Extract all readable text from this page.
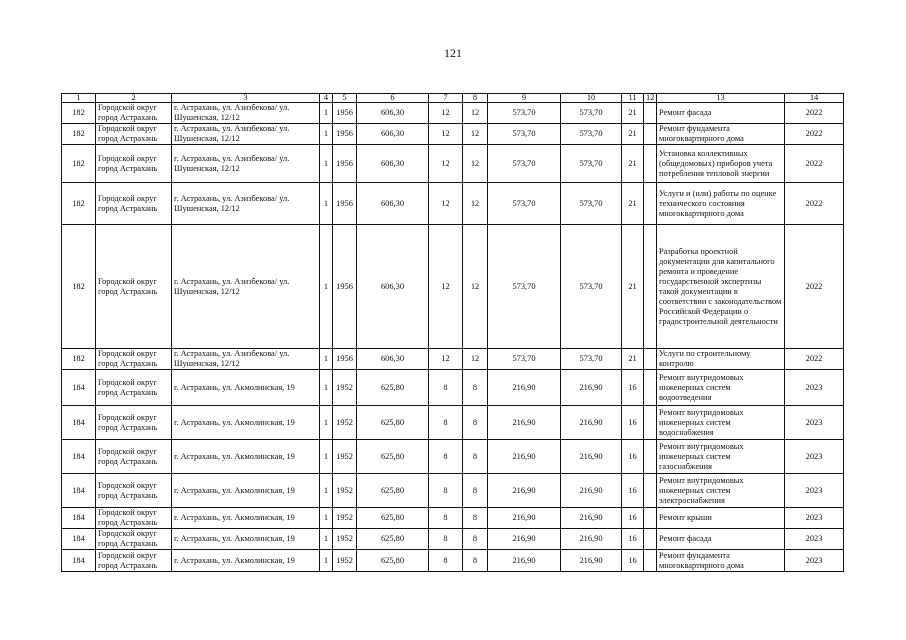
121
1	2	3	4	5	6	7	8	9	10	11	12	13	14
182	Городской округ город Астрахань	г. Астрахань, ул. Азизбекова/ ул. Шушенская, 12/12	1	1956	606,30	12	12	573,70	573,70	21		Ремонт фасада	2022
182	Городской округ город Астрахань	г. Астрахань, ул. Азизбекова/ ул. Шушенская, 12/12	1	1956	606,30	12	12	573,70	573,70	21		Ремонт фундамента многоквартирного дома	2022
182	Городской округ город Астрахань	г. Астрахань, ул. Азизбекова/ ул. Шушенская, 12/12	1	1956	606,30	12	12	573,70	573,70	21		Установка коллективных (общедомовых) приборов учета потребления тепловой энергии	2022
182	Городской округ город Астрахань	г. Астрахань, ул. Азизбекова/ ул. Шушенская, 12/12	1	1956	606,30	12	12	573,70	573,70	21		Услуги и (или) работы по оценке технического состояния многоквартирного дома	2022
182	Городской округ город Астрахань	г. Астрахань, ул. Азизбекова/ ул. Шушенская, 12/12	1	1956	606,30	12	12	573,70	573,70	21		Разработка проектной документации для капитального ремонта и проведение государственной экспертизы такой документации в соответствии с законодательством Российской Федерации о градостроительной деятельности	2022
182	Городской округ город Астрахань	г. Астрахань, ул. Азизбекова/ ул. Шушенская, 12/12	1	1956	606,30	12	12	573,70	573,70	21		Услуги по строительному контролю	2022
184	Городской округ город Астрахань	г. Астрахань, ул. Акмолинская, 19	1	1952	625,80	8	8	216,90	216,90	16		Ремонт внутридомовых инженерных систем водоотведения	2023
184	Городской округ город Астрахань	г. Астрахань, ул. Акмолинская, 19	1	1952	625,80	8	8	216,90	216,90	16		Ремонт внутридомовых инженерных систем водоснабжения	2023
184	Городской округ город Астрахань	г. Астрахань, ул. Акмолинская, 19	1	1952	625,80	8	8	216,90	216,90	16		Ремонт внутридомовых инженерных систем газоснабжения	2023
184	Городской округ город Астрахань	г. Астрахань, ул. Акмолинская, 19	1	1952	625,80	8	8	216,90	216,90	16		Ремонт внутридомовых инженерных систем электроснабжения	2023
184	Городской округ город Астрахань	г. Астрахань, ул. Акмолинская, 19	1	1952	625,80	8	8	216,90	216,90	16		Ремонт крыши	2023
184	Городской округ город Астрахань	г. Астрахань, ул. Акмолинская, 19	1	1952	625,80	8	8	216,90	216,90	16		Ремонт фасада	2023
184	Городской округ город Астрахань	г. Астрахань, ул. Акмолинская, 19	1	1952	625,80	8	8	216,90	216,90	16		Ремонт фундамента многоквартирного дома	2023
